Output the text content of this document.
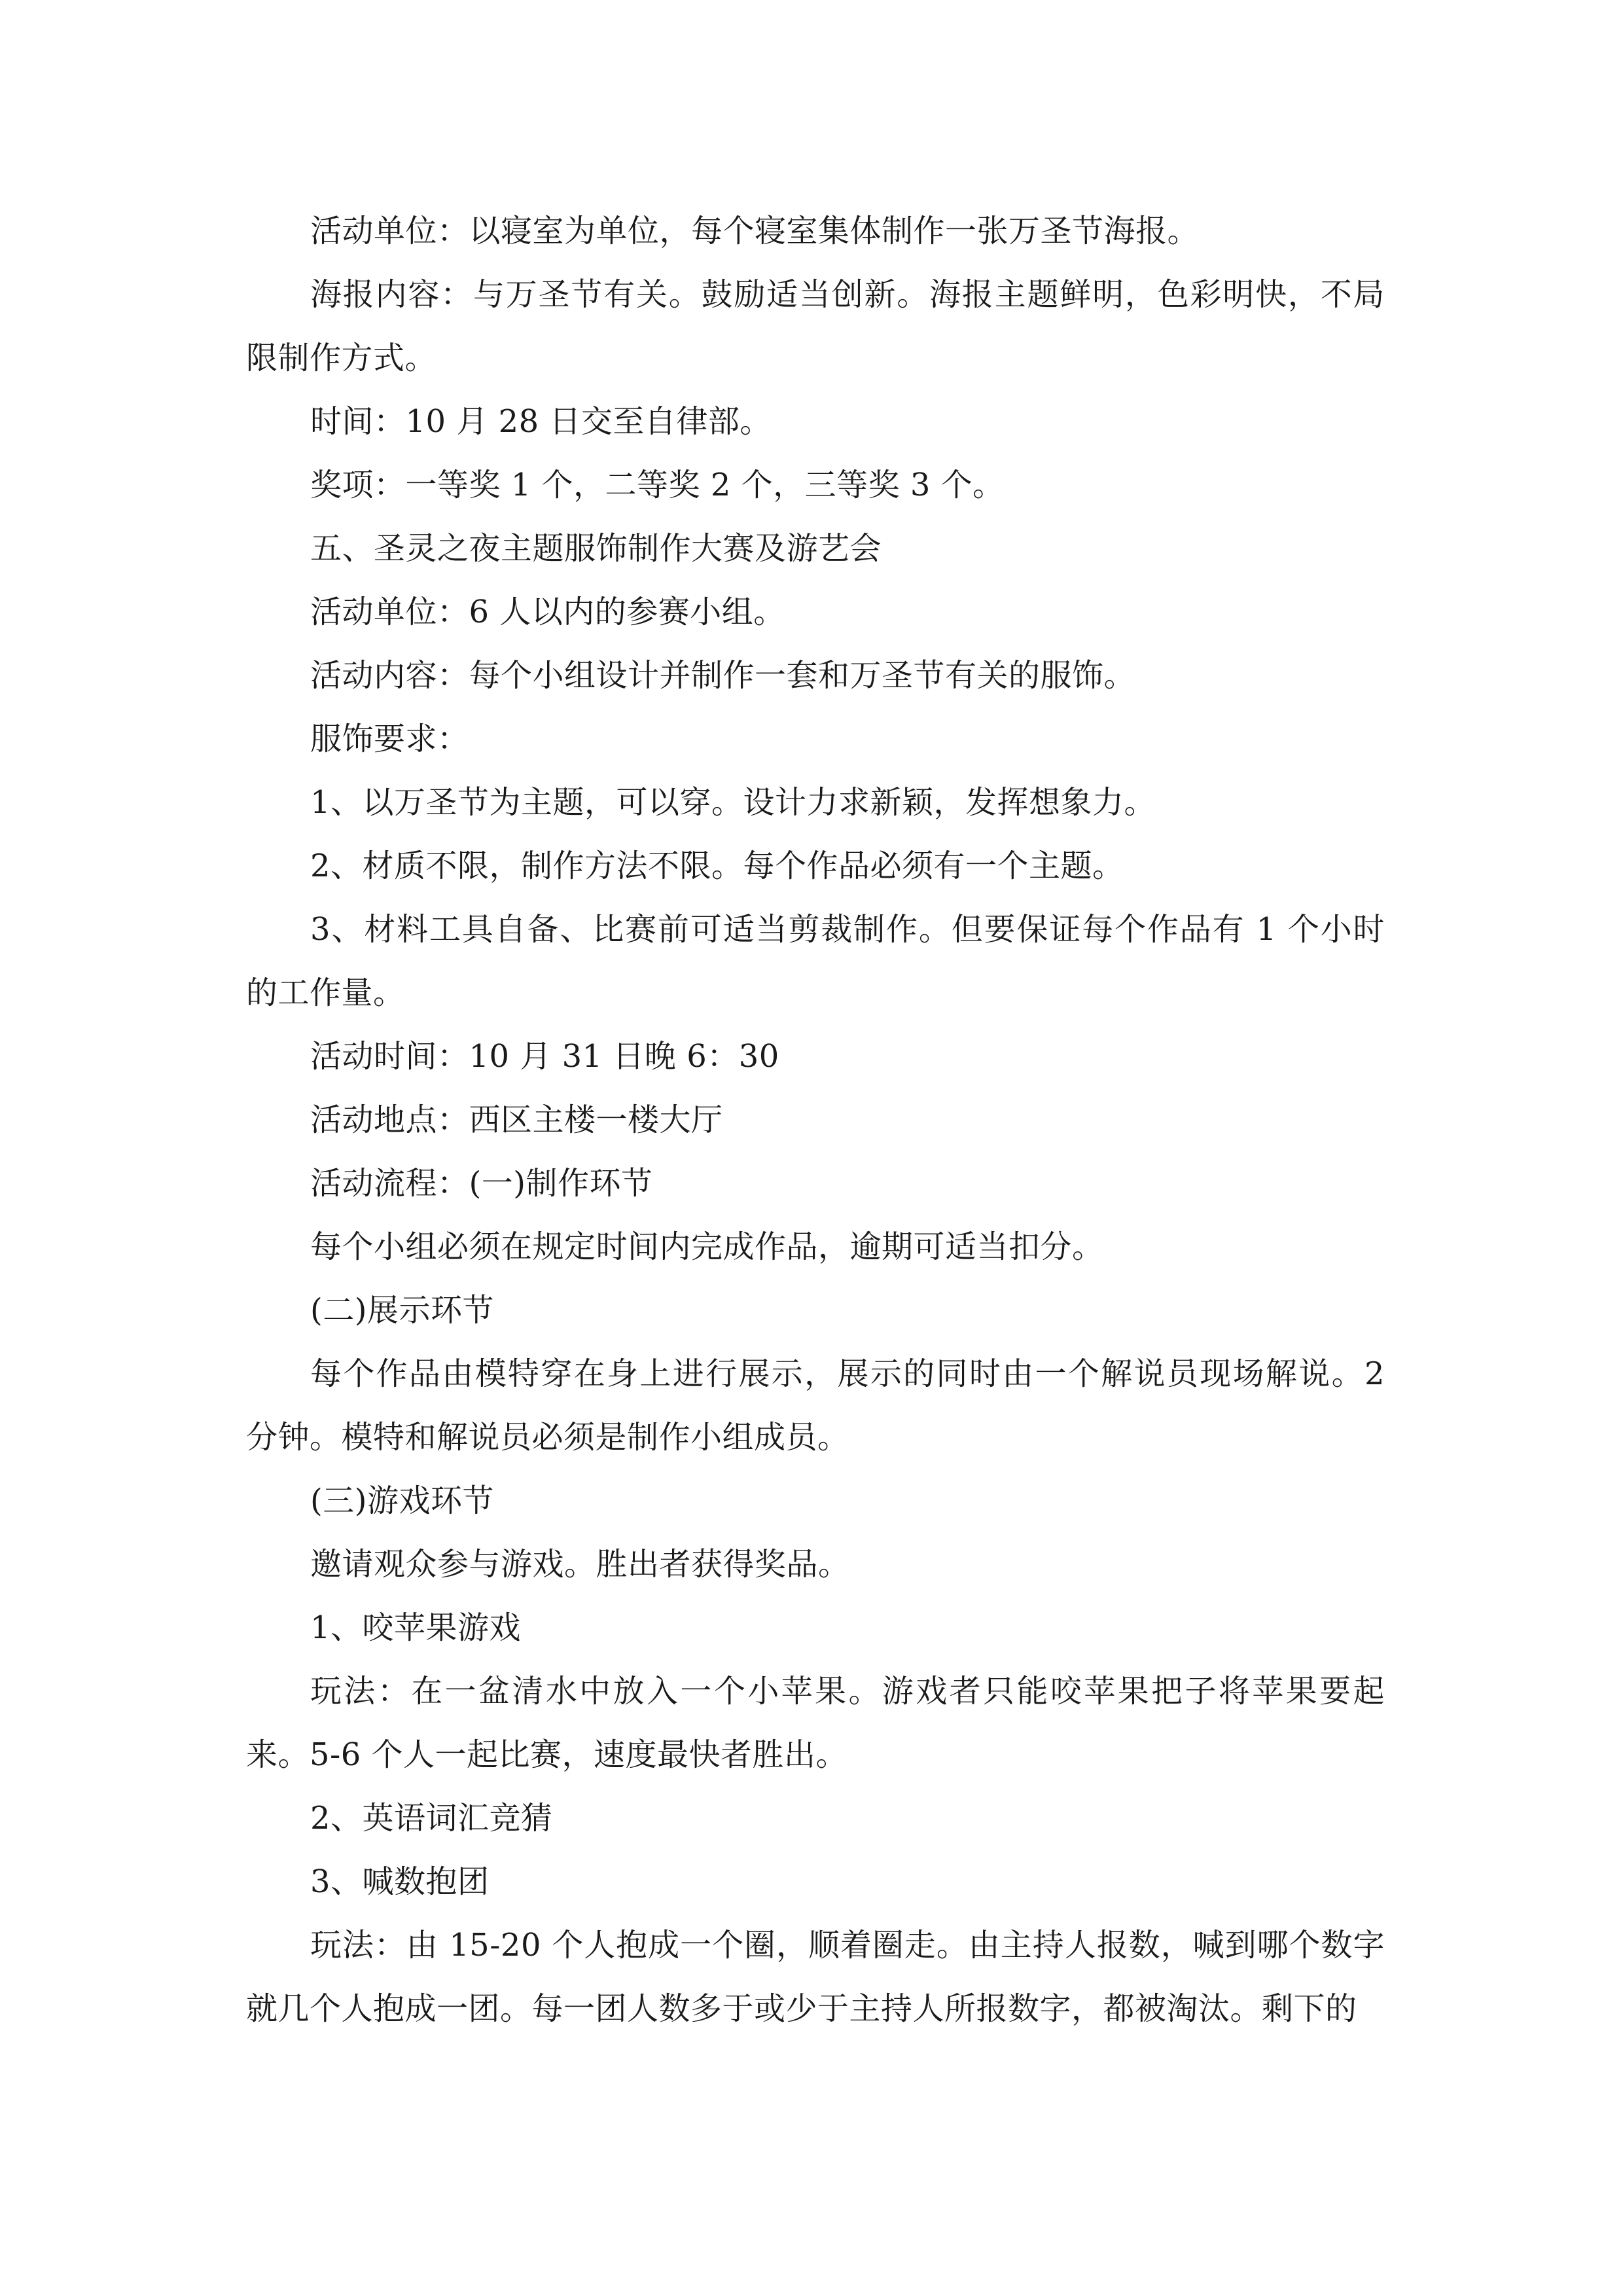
活动单位：以寝室为单位，每个寝室集体制作一张万圣节海报。

海报内容：与万圣节有关。鼓励适当创新。海报主题鲜明，色彩明快，不局限制作方式。

时间：10 月 28 日交至自律部。

奖项：一等奖 1 个，二等奖 2 个，三等奖 3 个。

五、圣灵之夜主题服饰制作大赛及游艺会

活动单位：6 人以内的参赛小组。

活动内容：每个小组设计并制作一套和万圣节有关的服饰。

服饰要求：

1、以万圣节为主题，可以穿。设计力求新颖，发挥想象力。

2、材质不限，制作方法不限。每个作品必须有一个主题。

3、材料工具自备、比赛前可适当剪裁制作。但要保证每个作品有 1 个小时的工作量。

活动时间：10 月 31 日晚 6：30

活动地点：西区主楼一楼大厅

活动流程：(一)制作环节

每个小组必须在规定时间内完成作品，逾期可适当扣分。

(二)展示环节

每个作品由模特穿在身上进行展示，展示的同时由一个解说员现场解说。2 分钟。模特和解说员必须是制作小组成员。

(三)游戏环节

邀请观众参与游戏。胜出者获得奖品。

1、咬苹果游戏

玩法：在一盆清水中放入一个小苹果。游戏者只能咬苹果把子将苹果要起来。5-6 个人一起比赛，速度最快者胜出。

2、英语词汇竞猜

3、喊数抱团

玩法：由 15-20 个人抱成一个圈，顺着圈走。由主持人报数，喊到哪个数字就几个人抱成一团。每一团人数多于或少于主持人所报数字，都被淘汰。剩下的
